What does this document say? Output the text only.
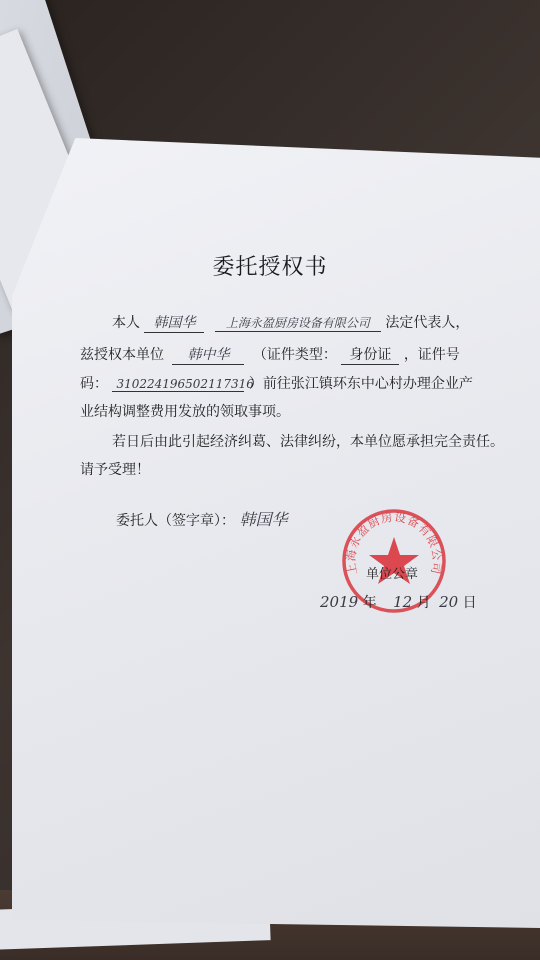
委托授权书
本人 韩国华	上海永盈厨房设备有限公司 法定代表人，
兹授权本单位 韩中华 （证件类型： 身份证 ，证件号
码： 310224196502117316 ）前往张江镇环东中心村办理企业产
业结构调整费用发放的领取事项。
若日后由此引起经济纠葛、法律纠纷，本单位愿承担完全责任。
请予受理！
委托人（签字章）： 韩国华
上海永盈厨房设备有限公司
单位公章
2019 年 12 月 20 日
